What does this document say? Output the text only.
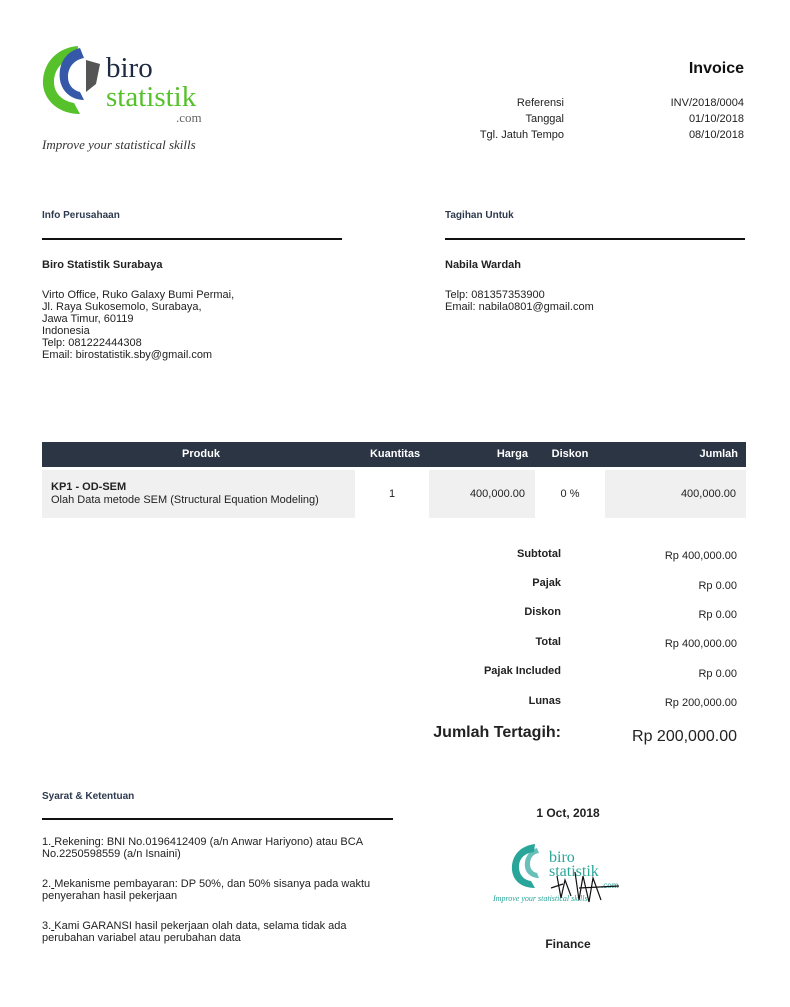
biro
statistik
.com
Improve your statistical skills
Invoice
Referensi	INV/2018/0004
Tanggal	01/10/2018
Tgl. Jatuh Tempo	08/10/2018
Info Perusahaan
Biro Statistik Surabaya
Virto Office, Ruko Galaxy Bumi Permai,
Jl. Raya Sukosemolo, Surabaya,
Jawa Timur, 60119
Indonesia
Telp: 081222444308
Email: birostatistik.sby@gmail.com
Tagihan Untuk
Nabila Wardah
Telp: 081357353900
Email: nabila0801@gmail.com
Produk	Kuantitas	Harga	Diskon	Jumlah
KP1 - OD-SEM
Olah Data metode SEM (Structural Equation Modeling)	1	400,000.00	0 %	400,000.00
Subtotal	Rp 400,000.00
Pajak	Rp 0.00
Diskon	Rp 0.00
Total	Rp 400,000.00
Pajak Included	Rp 0.00
Lunas	Rp 200,000.00
Jumlah Tertagih:	Rp 200,000.00
Syarat & Ketentuan
1. Rekening: BNI No.0196412409 (a/n Anwar Hariyono) atau BCA No.2250598559 (a/n Isnaini)
2. Mekanisme pembayaran: DP 50%, dan 50% sisanya pada waktu penyerahan hasil pekerjaan
3. Kami GARANSI hasil pekerjaan olah data, selama tidak ada perubahan variabel atau perubahan data
1 Oct, 2018
biro
statistik
.com
Improve your statistical skills
Finance
